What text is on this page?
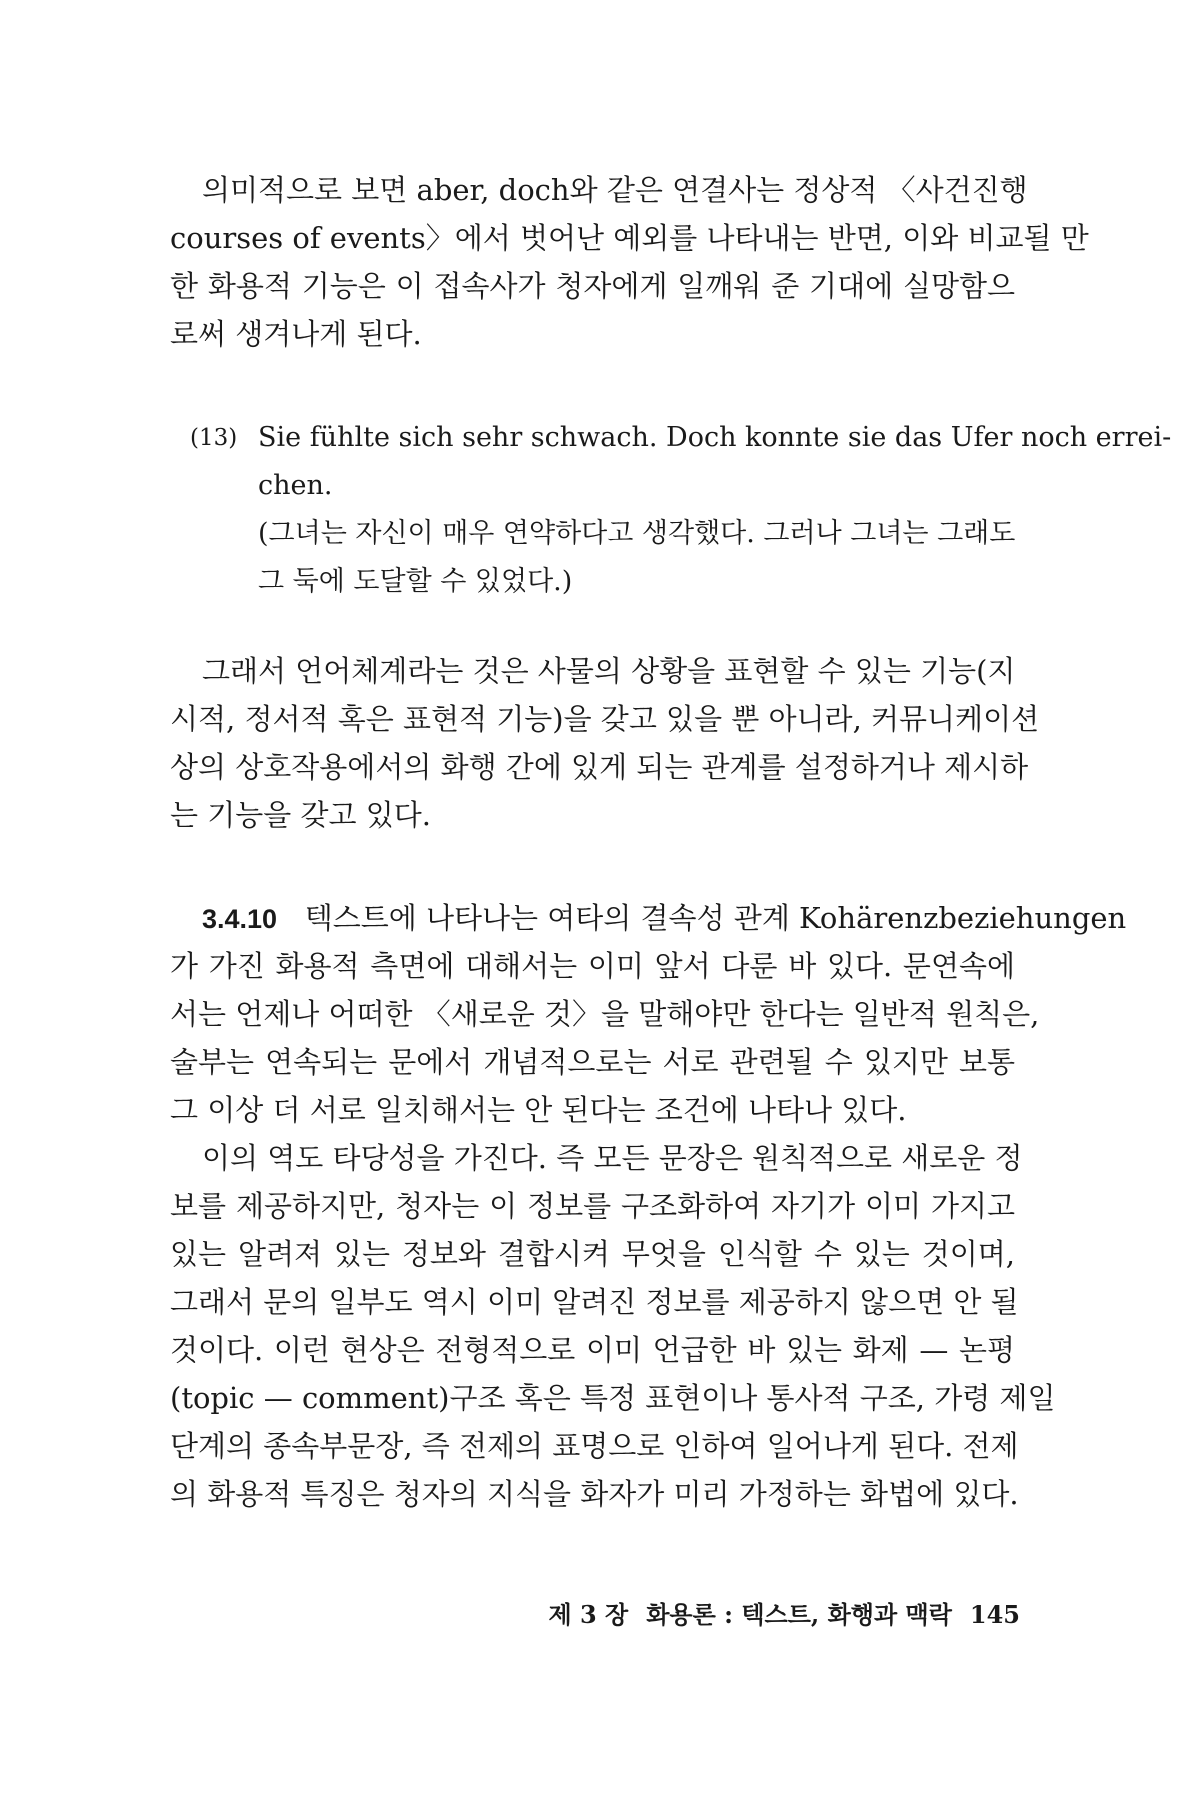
의미적으로 보면 aber, doch와 같은 연결사는 정상적 〈사건진행
courses of events〉에서 벗어난 예외를 나타내는 반면, 이와 비교될 만
한 화용적 기능은 이 접속사가 청자에게 일깨워 준 기대에 실망함으
로써 생겨나게 된다.
(13) Sie fühlte sich sehr schwach. Doch konnte sie das Ufer noch errei-
chen.
(그녀는 자신이 매우 연약하다고 생각했다. 그러나 그녀는 그래도
그 둑에 도달할 수 있었다.)
그래서 언어체계라는 것은 사물의 상황을 표현할 수 있는 기능(지
시적, 정서적 혹은 표현적 기능)을 갖고 있을 뿐 아니라, 커뮤니케이션
상의 상호작용에서의 화행 간에 있게 되는 관계를 설정하거나 제시하
는 기능을 갖고 있다.
3.4.10 텍스트에 나타나는 여타의 결속성 관계 Kohärenzbeziehungen
가 가진 화용적 측면에 대해서는 이미 앞서 다룬 바 있다. 문연속에
서는 언제나 어떠한 〈새로운 것〉을 말해야만 한다는 일반적 원칙은,
술부는 연속되는 문에서 개념적으로는 서로 관련될 수 있지만 보통
그 이상 더 서로 일치해서는 안 된다는 조건에 나타나 있다.
이의 역도 타당성을 가진다. 즉 모든 문장은 원칙적으로 새로운 정
보를 제공하지만, 청자는 이 정보를 구조화하여 자기가 이미 가지고
있는 알려져 있는 정보와 결합시켜 무엇을 인식할 수 있는 것이며,
그래서 문의 일부도 역시 이미 알려진 정보를 제공하지 않으면 안 될
것이다. 이런 현상은 전형적으로 이미 언급한 바 있는 화제 — 논평
(topic — comment)구조 혹은 특정 표현이나 통사적 구조, 가령 제일
단계의 종속부문장, 즉 전제의 표명으로 인하여 일어나게 된다. 전제
의 화용적 특징은 청자의 지식을 화자가 미리 가정하는 화법에 있다.
제 3 장 화용론 : 텍스트, 화행과 맥락 145
